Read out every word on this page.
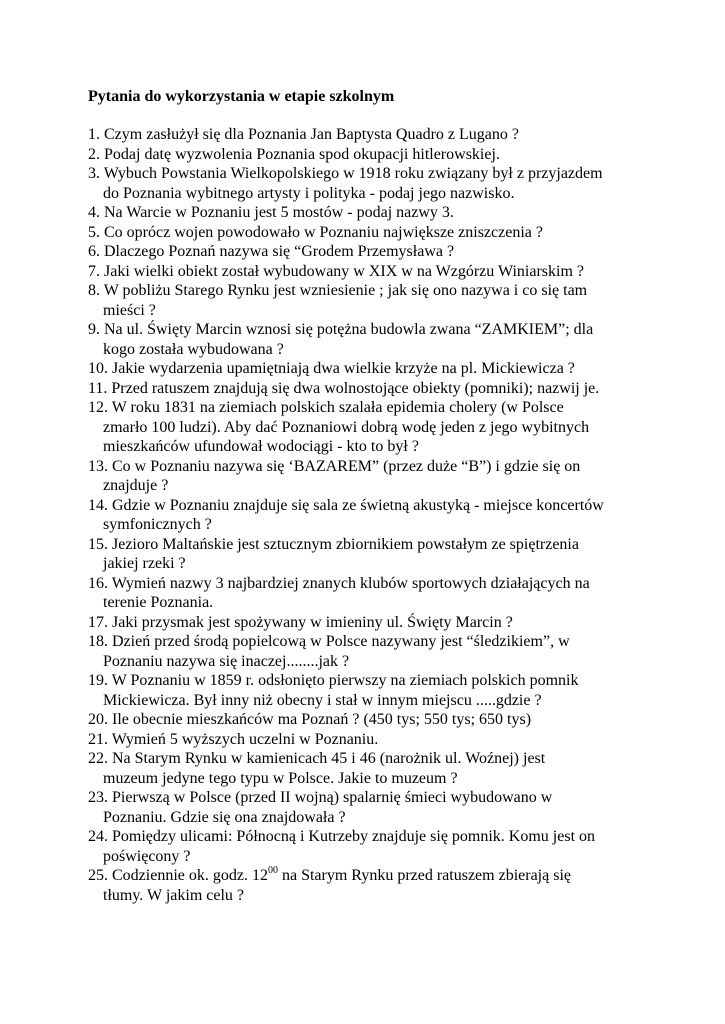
Pytania do wykorzystania w etapie szkolnym
1. Czym zasłużył się dla Poznania Jan Baptysta Quadro z Lugano ?
2. Podaj datę wyzwolenia Poznania spod okupacji hitlerowskiej.
3. Wybuch Powstania Wielkopolskiego w 1918 roku związany był z przyjazdem
do Poznania wybitnego artysty i polityka - podaj jego nazwisko.
4. Na Warcie w Poznaniu jest 5 mostów - podaj nazwy 3.
5. Co oprócz wojen powodowało w Poznaniu największe zniszczenia ?
6. Dlaczego Poznań nazywa się “Grodem Przemysława ?
7. Jaki wielki obiekt został wybudowany w XIX w na Wzgórzu Winiarskim ?
8. W pobliżu Starego Rynku jest wzniesienie ; jak się ono nazywa i co się tam
mieści ?
9. Na ul. Święty Marcin wznosi się potężna budowla zwana “ZAMKIEM”; dla
kogo została wybudowana ?
10. Jakie wydarzenia upamiętniają dwa wielkie krzyże na pl. Mickiewicza ?
11. Przed ratuszem znajdują się dwa wolnostojące obiekty (pomniki); nazwij je.
12. W roku 1831 na ziemiach polskich szalała epidemia cholery (w Polsce
zmarło 100 ludzi). Aby dać Poznaniowi dobrą wodę jeden z jego wybitnych
mieszkańców ufundował wodociągi - kto to był ?
13. Co w Poznaniu nazywa się ‘BAZAREM” (przez duże “B”) i gdzie się on
znajduje ?
14. Gdzie w Poznaniu znajduje się sala ze świetną akustyką - miejsce koncertów
symfonicznych ?
15. Jezioro Maltańskie jest sztucznym zbiornikiem powstałym ze spiętrzenia
jakiej rzeki ?
16. Wymień nazwy 3 najbardziej znanych klubów sportowych działających na
terenie Poznania.
17. Jaki przysmak jest spożywany w imieniny ul. Święty Marcin ?
18. Dzień przed środą popielcową w Polsce nazywany jest “śledzikiem”, w
Poznaniu nazywa się inaczej........jak ?
19. W Poznaniu w 1859 r. odsłonięto pierwszy na ziemiach polskich pomnik
Mickiewicza. Był inny niż obecny i stał w innym miejscu .....gdzie ?
20. Ile obecnie mieszkańców ma Poznań ? (450 tys; 550 tys; 650 tys)
21. Wymień 5 wyższych uczelni w Poznaniu.
22. Na Starym Rynku w kamienicach 45 i 46 (narożnik ul. Woźnej) jest
muzeum jedyne tego typu w Polsce. Jakie to muzeum ?
23. Pierwszą w Polsce (przed II wojną) spalarnię śmieci wybudowano w
Poznaniu. Gdzie się ona znajdowała ?
24. Pomiędzy ulicami: Północną i Kutrzeby znajduje się pomnik. Komu jest on
poświęcony ?
25. Codziennie ok. godz. $12^{00}$ na Starym Rynku przed ratuszem zbierają się
tłumy. W jakim celu ?
